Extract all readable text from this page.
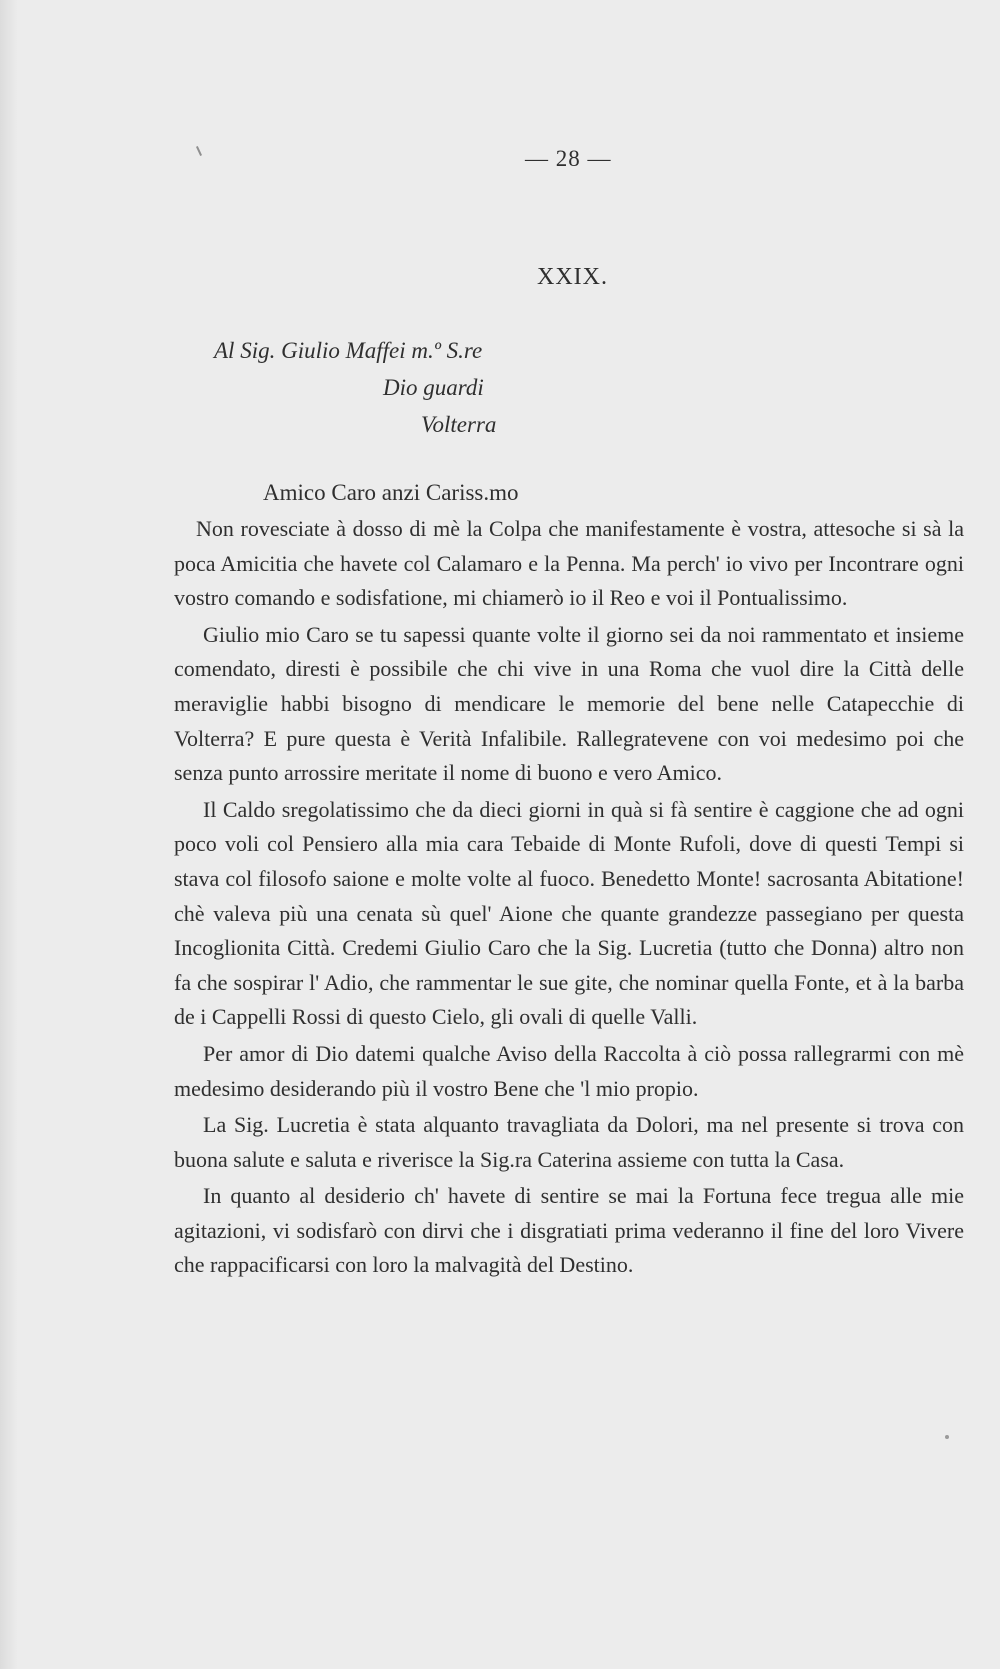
— 28 —
XXIX.
Al Sig. Giulio Maffei m.º S.re
Dio guardi
Volterra
Amico Caro anzi Cariss.mo

Non rovesciate à dosso di mè la Colpa che manifestamente è vostra, attesoche si sà la poca Amicitia che havete col Calamaro e la Penna. Ma perch' io vivo per Incontrare ogni vostro comando e sodisfatione, mi chiamerò io il Reo e voi il Pontualissimo.

Giulio mio Caro se tu sapessi quante volte il giorno sei da noi rammentato et insieme comendato, diresti è possibile che chi vive in una Roma che vuol dire la Città delle meraviglie habbi bisogno di mendicare le memorie del bene nelle Catapecchie di Volterra? E pure questa è Verità Infalibile. Rallegratevene con voi medesimo poi che senza punto arrossire meritate il nome di buono e vero Amico.

Il Caldo sregolatissimo che da dieci giorni in quà si fà sentire è caggione che ad ogni poco voli col Pensiero alla mia cara Tebaide di Monte Rufoli, dove di questi Tempi si stava col filosofo saione e molte volte al fuoco. Benedetto Monte! sacrosanta Abitatione! chè valeva più una cenata sù quel' Aione che quante grandezze passegiano per questa Incoglionita Città. Credemi Giulio Caro che la Sig. Lucretia (tutto che Donna) altro non fa che sospirar l' Adio, che rammentar le sue gite, che nominar quella Fonte, et à la barba de i Cappelli Rossi di questo Cielo, gli ovali di quelle Valli.

Per amor di Dio datemi qualche Aviso della Raccolta à ciò possa rallegrarmi con mè medesimo desiderando più il vostro Bene che 'l mio propio.

La Sig. Lucretia è stata alquanto travagliata da Dolori, ma nel presente si trova con buona salute e saluta e riverisce la Sig.ra Caterina assieme con tutta la Casa.

In quanto al desiderio ch' havete di sentire se mai la Fortuna fece tregua alle mie agitazioni, vi sodisfarò con dirvi che i disgratiati prima vederanno il fine del loro Vivere che rappacificarsi con loro la malvagità del Destino.
